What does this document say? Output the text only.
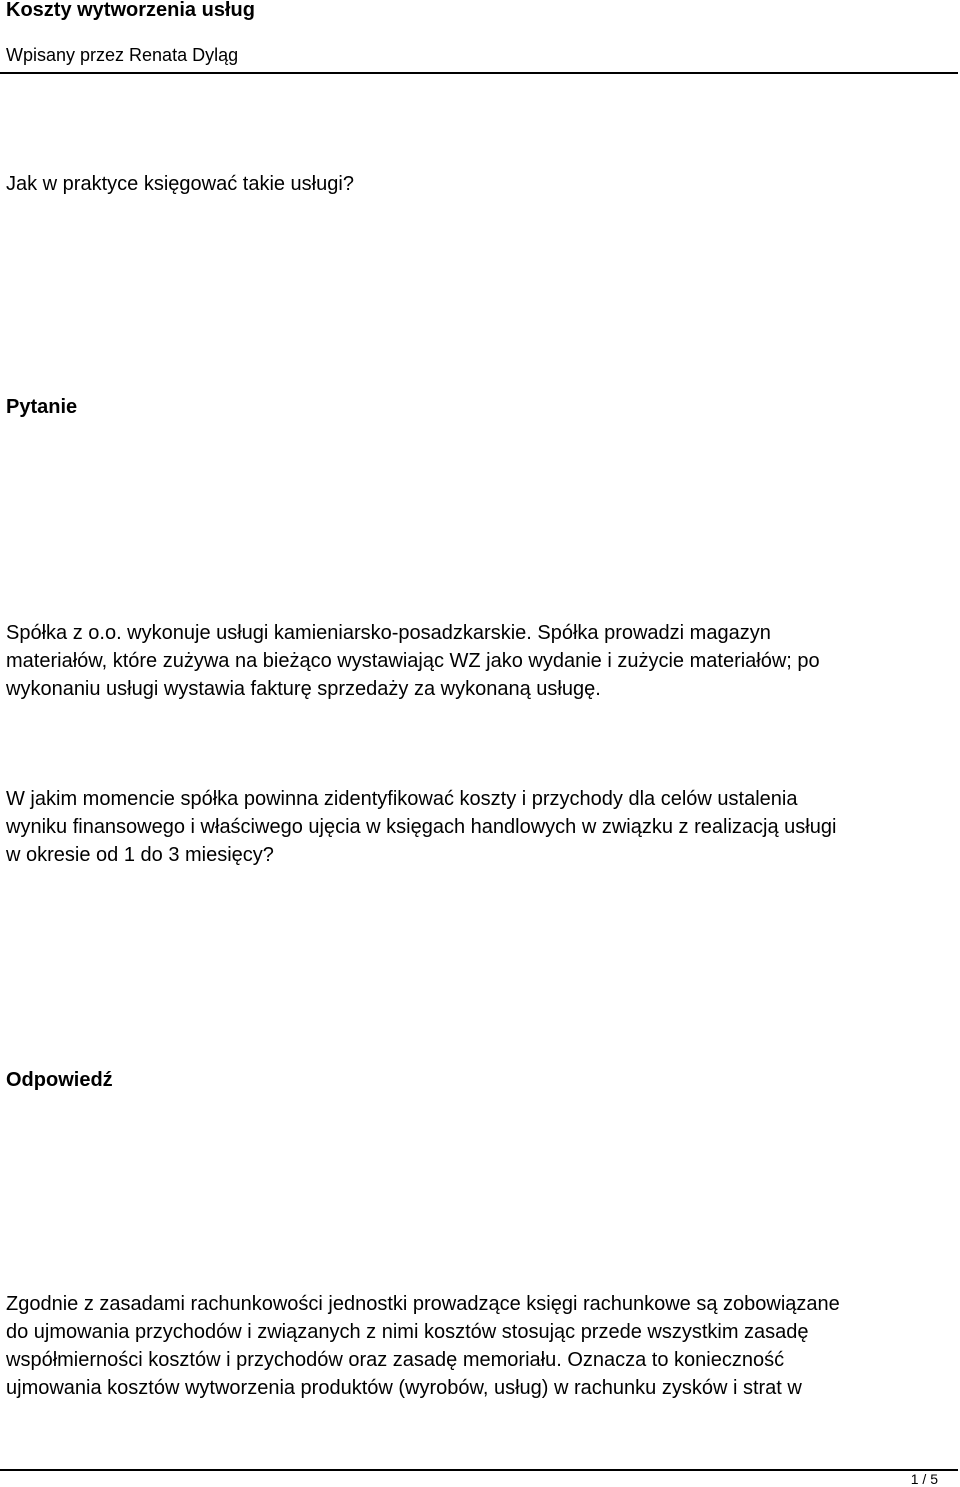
Koszty wytworzenia usług
Wpisany przez Renata Dyląg

Jak w praktyce księgować takie usługi?

Pytanie

Spółka z o.o. wykonuje usługi kamieniarsko-posadzkarskie. Spółka prowadzi magazyn
materiałów, które zużywa na bieżąco wystawiając WZ jako wydanie i zużycie materiałów; po
wykonaniu usługi wystawia fakturę sprzedaży za wykonaną usługę.
W jakim momencie spółka powinna zidentyfikować koszty i przychody dla celów ustalenia
wyniku finansowego i właściwego ujęcia w księgach handlowych w związku z realizacją usługi
w okresie od 1 do 3 miesięcy?

Odpowiedź

Zgodnie z zasadami rachunkowości jednostki prowadzące księgi rachunkowe są zobowiązane
do ujmowania przychodów i związanych z nimi kosztów stosując przede wszystkim zasadę
współmierności kosztów i przychodów oraz zasadę memoriału. Oznacza to konieczność
ujmowania kosztów wytworzenia produktów (wyrobów, usług) w rachunku zysków i strat w
1 / 5
